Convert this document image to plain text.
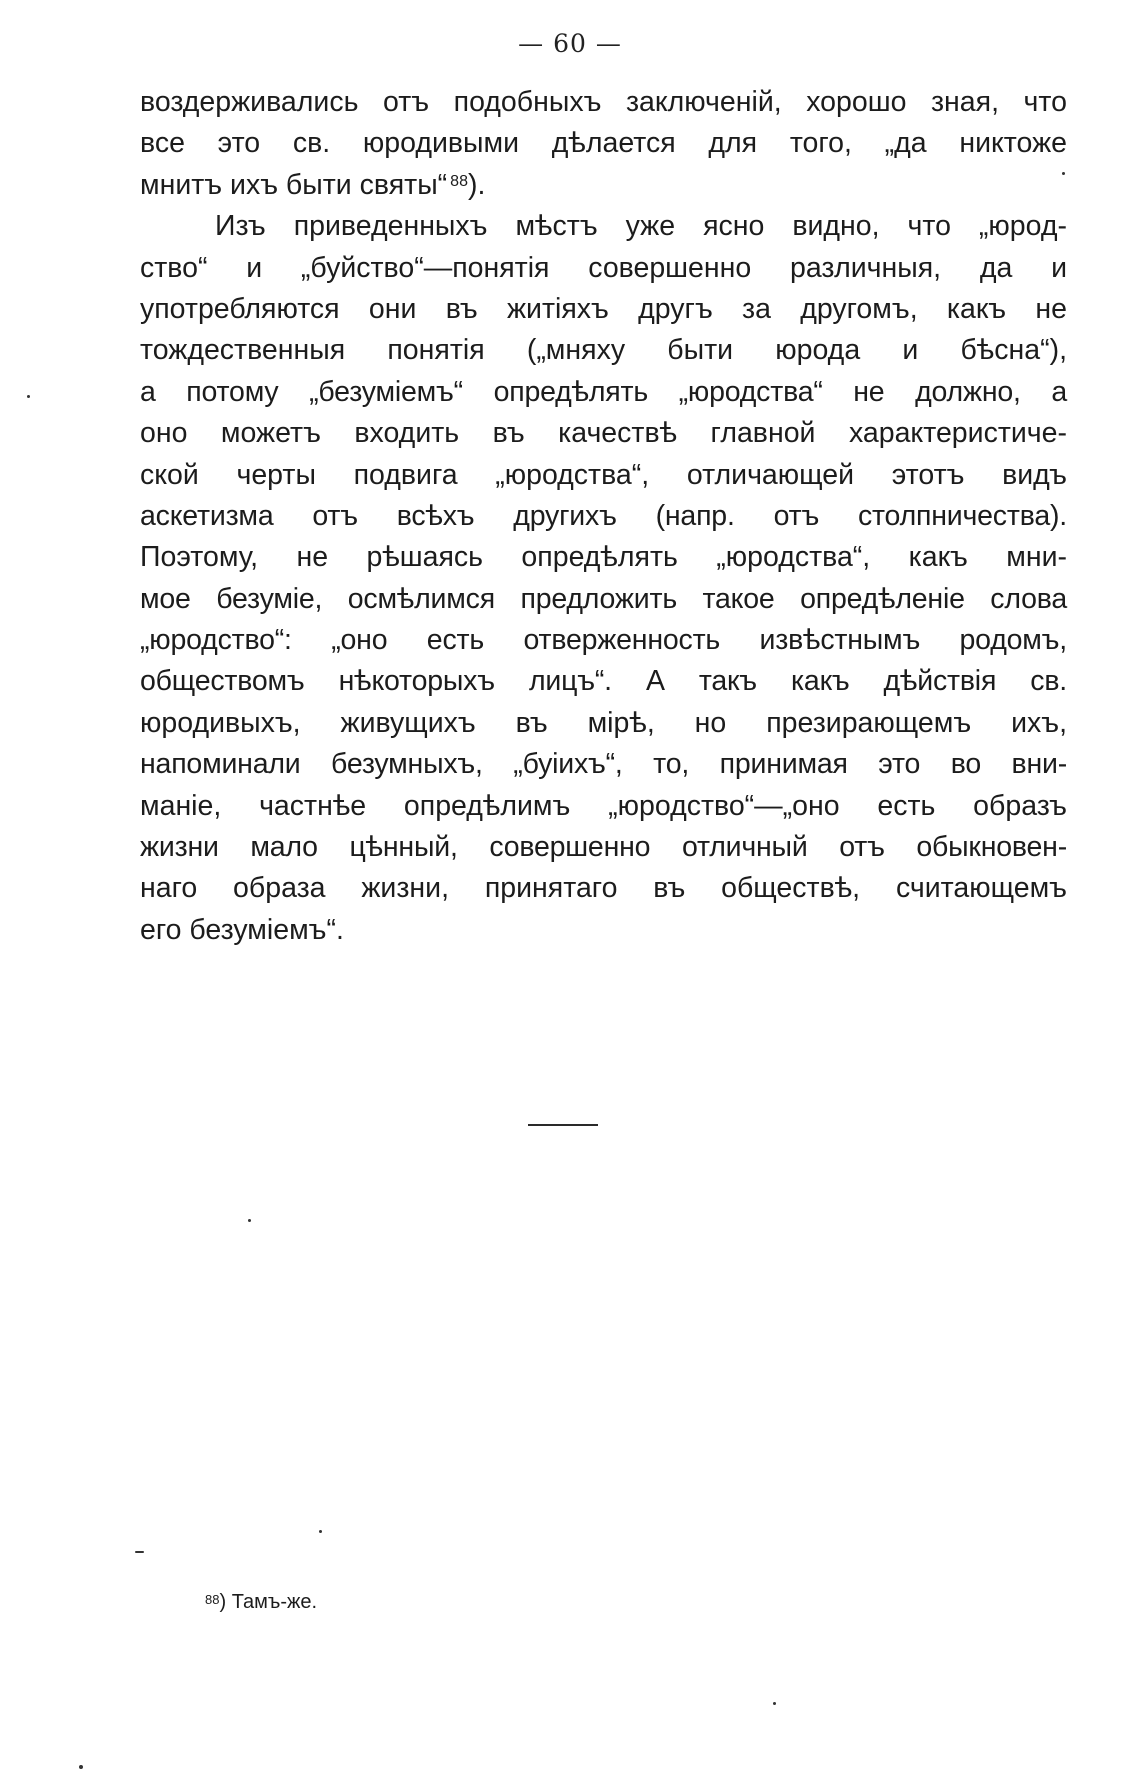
— 60 —
воздерживались отъ подобныхъ заключеній, хорошо зная, что
все это св. юродивыми дѣлается для того, „да никтоже
мнитъ ихъ быти святы“ $^{88}$).
Изъ приведенныхъ мѣстъ уже ясно видно, что „юрод-
ство“ и „буйство“—понятія совершенно различныя, да и
употребляются они въ житіяхъ другъ за другомъ, какъ не
тождественныя понятія („мняху быти юрода и бѣсна“),
а потому „безуміемъ“ опредѣлять „юродства“ не должно, а
оно можетъ входить въ качествѣ главной характеристиче-
ской черты подвига „юродства“, отличающей этотъ видъ
аскетизма отъ всѣхъ другихъ (напр. отъ столпничества).
Поэтому, не рѣшаясь опредѣлять „юродства“, какъ мни-
мое безуміе, осмѣлимся предложить такое опредѣленіе слова
„юродство“: „оно есть отверженность извѣстнымъ родомъ,
обществомъ нѣкоторыхъ лицъ“. А такъ какъ дѣйствія св.
юродивыхъ, живущихъ въ мірѣ, но презирающемъ ихъ,
напоминали безумныхъ, „буіихъ“, то, принимая это во вни-
маніе, частнѣе опредѣлимъ „юродство“—„оно есть образъ
жизни мало цѣнный, совершенно отличный отъ обыкновен-
наго образа жизни, принятаго въ обществѣ, считающемъ
его безуміемъ“.
$^{88}$) Тамъ-же.
